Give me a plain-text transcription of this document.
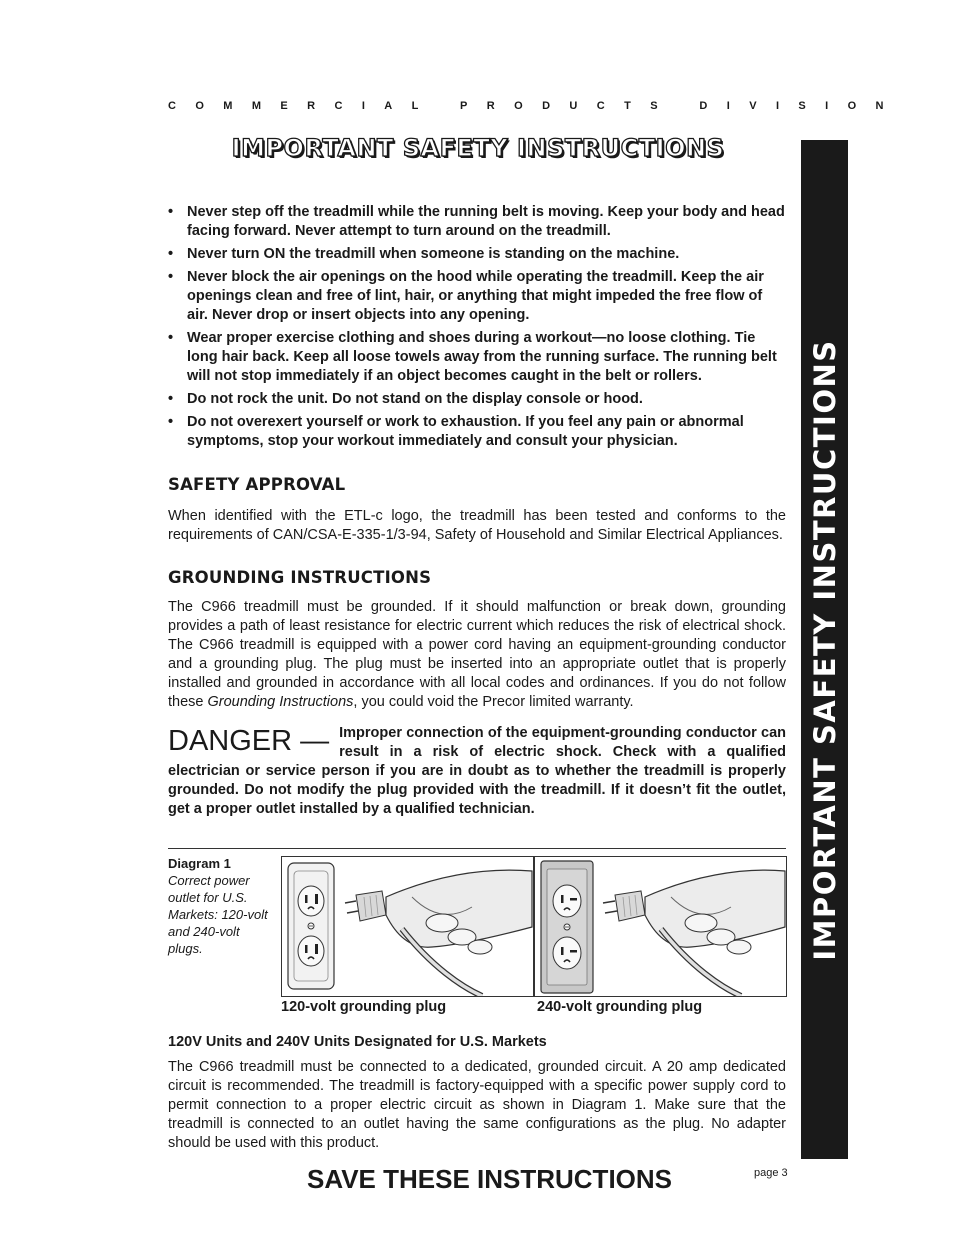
COMMERCIAL PRODUCTS DIVISION
IMPORTANT SAFETY INSTRUCTIONS
IMPORTANT SAFETY INSTRUCTIONS
• Never step off the treadmill while the running belt is moving. Keep your body and head facing forward. Never attempt to turn around on the treadmill.
• Never turn ON the treadmill when someone is standing on the machine.
• Never block the air openings on the hood while operating the treadmill. Keep the air openings clean and free of lint, hair, or anything that might impeded the free flow of air. Never drop or insert objects into any opening.
• Wear proper exercise clothing and shoes during a workout—no loose clothing. Tie long hair back. Keep all loose towels away from the running surface. The running belt will not stop immediately if an object becomes caught in the belt or rollers.
• Do not rock the unit. Do not stand on the display console or hood.
• Do not overexert yourself or work to exhaustion. If you feel any pain or abnormal symptoms, stop your workout immediately and consult your physician.
SAFETY APPROVAL

When identified with the ETL-c logo, the treadmill has been tested and conforms to the requirements of CAN/CSA-E-335-1/3-94, Safety of Household and Similar Electrical Appliances.

GROUNDING INSTRUCTIONS

The C966 treadmill must be grounded. If it should malfunction or break down, grounding provides a path of least resistance for electric current which reduces the risk of electrical shock. The C966 treadmill is equipped with a power cord having an equipment-grounding conductor and a grounding plug. The plug must be inserted into an appropriate outlet that is properly installed and grounded in accordance with all local codes and ordinances. If you do not follow these Grounding Instructions, you could void the Precor limited warranty.

DANGER — Improper connection of the equipment-grounding conductor can result in a risk of electric shock. Check with a qualified electrician or service person if you are in doubt as to whether the treadmill is properly grounded. Do not modify the plug provided with the treadmill. If it doesn’t fit the outlet, get a proper outlet installed by a qualified technician.
Diagram 1
Correct power outlet for U.S. Markets: 120-volt and 240-volt plugs.
120-volt grounding plug	240-volt grounding plug
120V Units and 240V Units Designated for U.S. Markets

The C966 treadmill must be connected to a dedicated, grounded circuit. A 20 amp dedicated circuit is recommended. The treadmill is factory-equipped with a specific power supply cord to permit connection to a proper electric circuit as shown in Diagram 1. Make sure that the treadmill is connected to an outlet having the same configurations as the plug. No adapter should be used with this product.

SAVE THESE INSTRUCTIONS	page 3
